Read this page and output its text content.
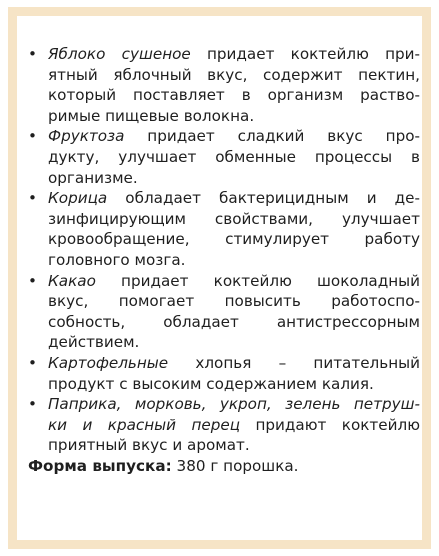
• Яблоко сушеное придает коктейлю при-
ятный яблочный вкус, содержит пектин,
который поставляет в организм раство-
римые пищевые волокна.
• Фруктоза придает сладкий вкус про-
дукту, улучшает обменные процессы в
организме.
• Корица обладает бактерицидным и де-
зинфицирующим свойствами, улучшает
кровообращение, стимулирует работу
головного мозга.
• Какао придает коктейлю шоколадный
вкус, помогает повысить работоспо-
собность, обладает антистрессорным
действием.
• Картофельные хлопья – питательный
продукт с высоким содержанием калия.
• Паприка, морковь, укроп, зелень петруш-
ки и красный перец придают коктейлю
приятный вкус и аромат.
Форма выпуска: 380 г порошка.
